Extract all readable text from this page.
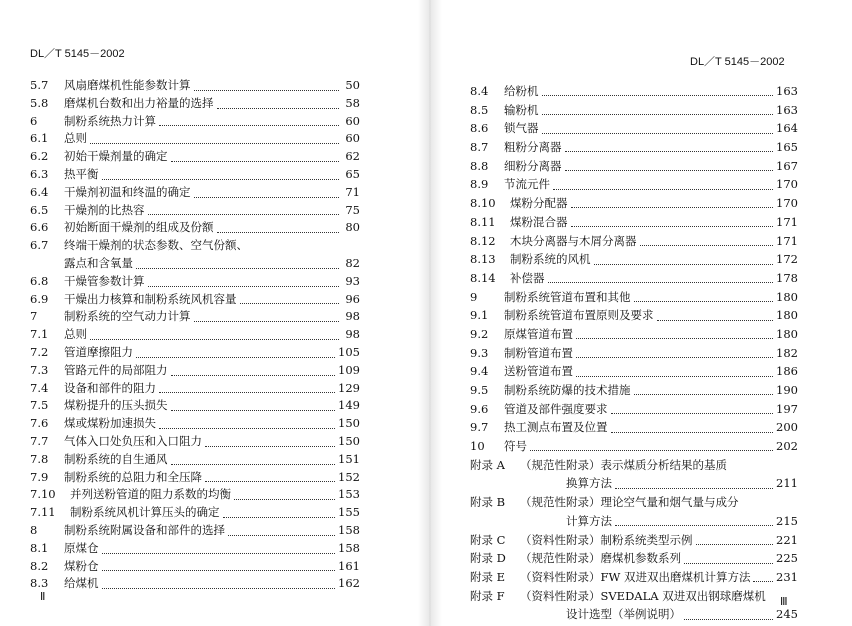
DL／T 5145－2002
DL／T 5145－2002
5.7	风扇磨煤机性能参数计算	50
5.8	磨煤机台数和出力裕量的选择	58
6	制粉系统热力计算	60
6.1	总则	60
6.2	初始干燥剂量的确定	62
6.3	热平衡	65
6.4	干燥剂初温和终温的确定	71
6.5	干燥剂的比热容	75
6.6	初始断面干燥剂的组成及份额	80
6.7	终端干燥剂的状态参数、空气份额、
露点和含氧量	82
6.8	干燥管参数计算	93
6.9	干燥出力核算和制粉系统风机容量	96
7	制粉系统的空气动力计算	98
7.1	总则	98
7.2	管道摩擦阻力	105
7.3	管路元件的局部阻力	109
7.4	设备和部件的阻力	129
7.5	煤粉提升的压头损失	149
7.6	煤或煤粉加速损失	150
7.7	气体入口处负压和入口阻力	150
7.8	制粉系统的自生通风	151
7.9	制粉系统的总阻力和全压降	152
7.10	并列送粉管道的阻力系数的均衡	153
7.11	制粉系统风机计算压头的确定	155
8	制粉系统附属设备和部件的选择	158
8.1	原煤仓	158
8.2	煤粉仓	161
8.3	给煤机	162
8.4	给粉机	163
8.5	输粉机	163
8.6	锁气器	164
8.7	粗粉分离器	165
8.8	细粉分离器	167
8.9	节流元件	170
8.10	煤粉分配器	170
8.11	煤粉混合器	171
8.12	木块分离器与木屑分离器	171
8.13	制粉系统的风机	172
8.14	补偿器	178
9	制粉系统管道布置和其他	180
9.1	制粉系统管道布置原则及要求	180
9.2	原煤管道布置	180
9.3	制粉管道布置	182
9.4	送粉管道布置	186
9.5	制粉系统防爆的技术措施	190
9.6	管道及部件强度要求	197
9.7	热工测点布置及位置	200
10	符号	202
附录 A	（规范性附录）表示煤质分析结果的基质
换算方法	211
附录 B	（规范性附录）理论空气量和烟气量与成分
计算方法	215
附录 C	（资料性附录）制粉系统类型示例	221
附录 D	（规范性附录）磨煤机参数系列	225
附录 E	（资料性附录）FW 双进双出磨煤机计算方法 231
附录 F	（资料性附录）SVEDALA 双进双出钢球磨煤机
设计选型（举例说明）	245
Ⅱ	Ⅲ
